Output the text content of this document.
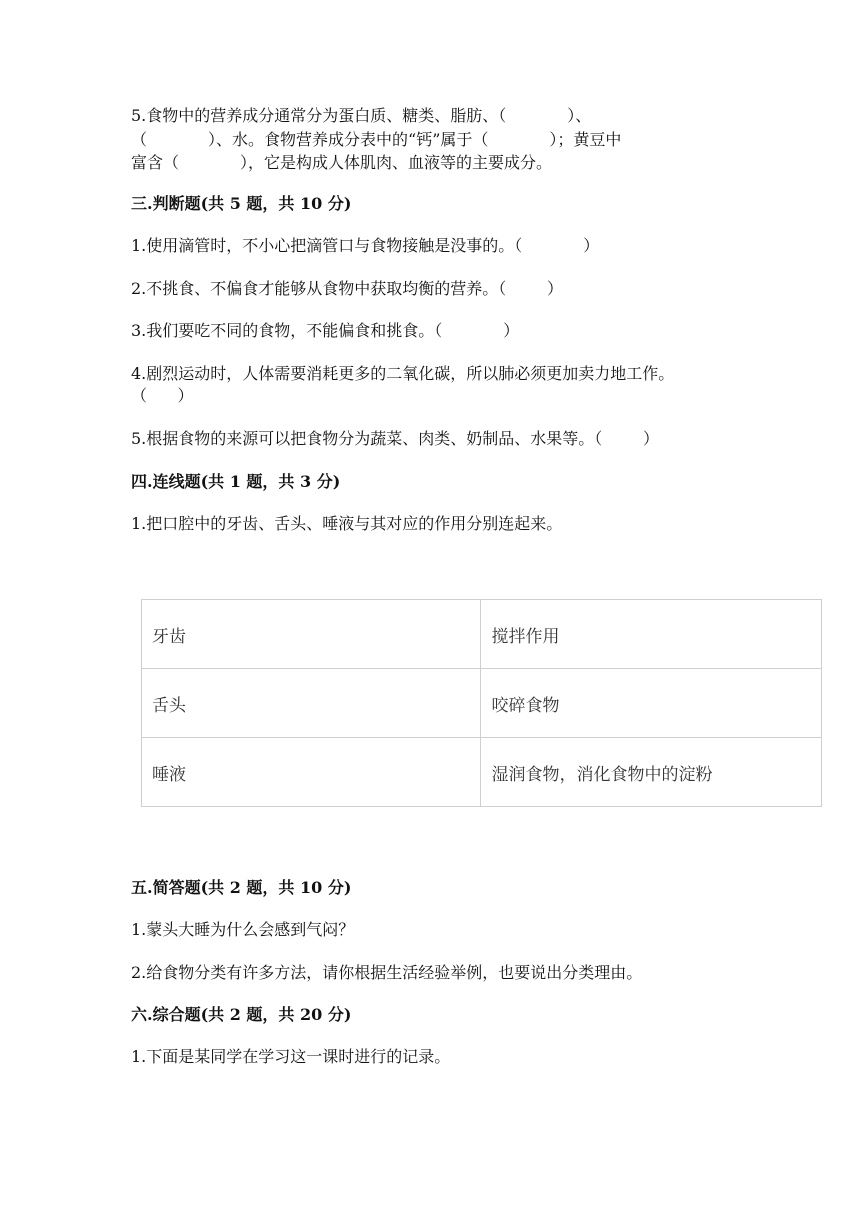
5.食物中的营养成分通常分为蛋白质、糖类、脂肪、（            ）、
（            ）、水。食物营养成分表中的“钙”属于（            ）；黄豆中
富含（            ），它是构成人体肌肉、血液等的主要成分。
三.判断题(共 5 题，共 10 分)
1.使用滴管时，不小心把滴管口与食物接触是没事的。（            ）
2.不挑食、不偏食才能够从食物中获取均衡的营养。（        ）
3.我们要吃不同的食物，不能偏食和挑食。（            ）
4.剧烈运动时，人体需要消耗更多的二氧化碳，所以肺必须更加卖力地工作。
（      ）
5.根据食物的来源可以把食物分为蔬菜、肉类、奶制品、水果等。（        ）
四.连线题(共 1 题，共 3 分)
1.把口腔中的牙齿、舌头、唾液与其对应的作用分别连起来。
牙齿	搅拌作用
舌头	咬碎食物
唾液	湿润食物，消化食物中的淀粉
五.简答题(共 2 题，共 10 分)
1.蒙头大睡为什么会感到气闷？
2.给食物分类有许多方法，请你根据生活经验举例，也要说出分类理由。
六.综合题(共 2 题，共 20 分)
1.下面是某同学在学习这一课时进行的记录。
